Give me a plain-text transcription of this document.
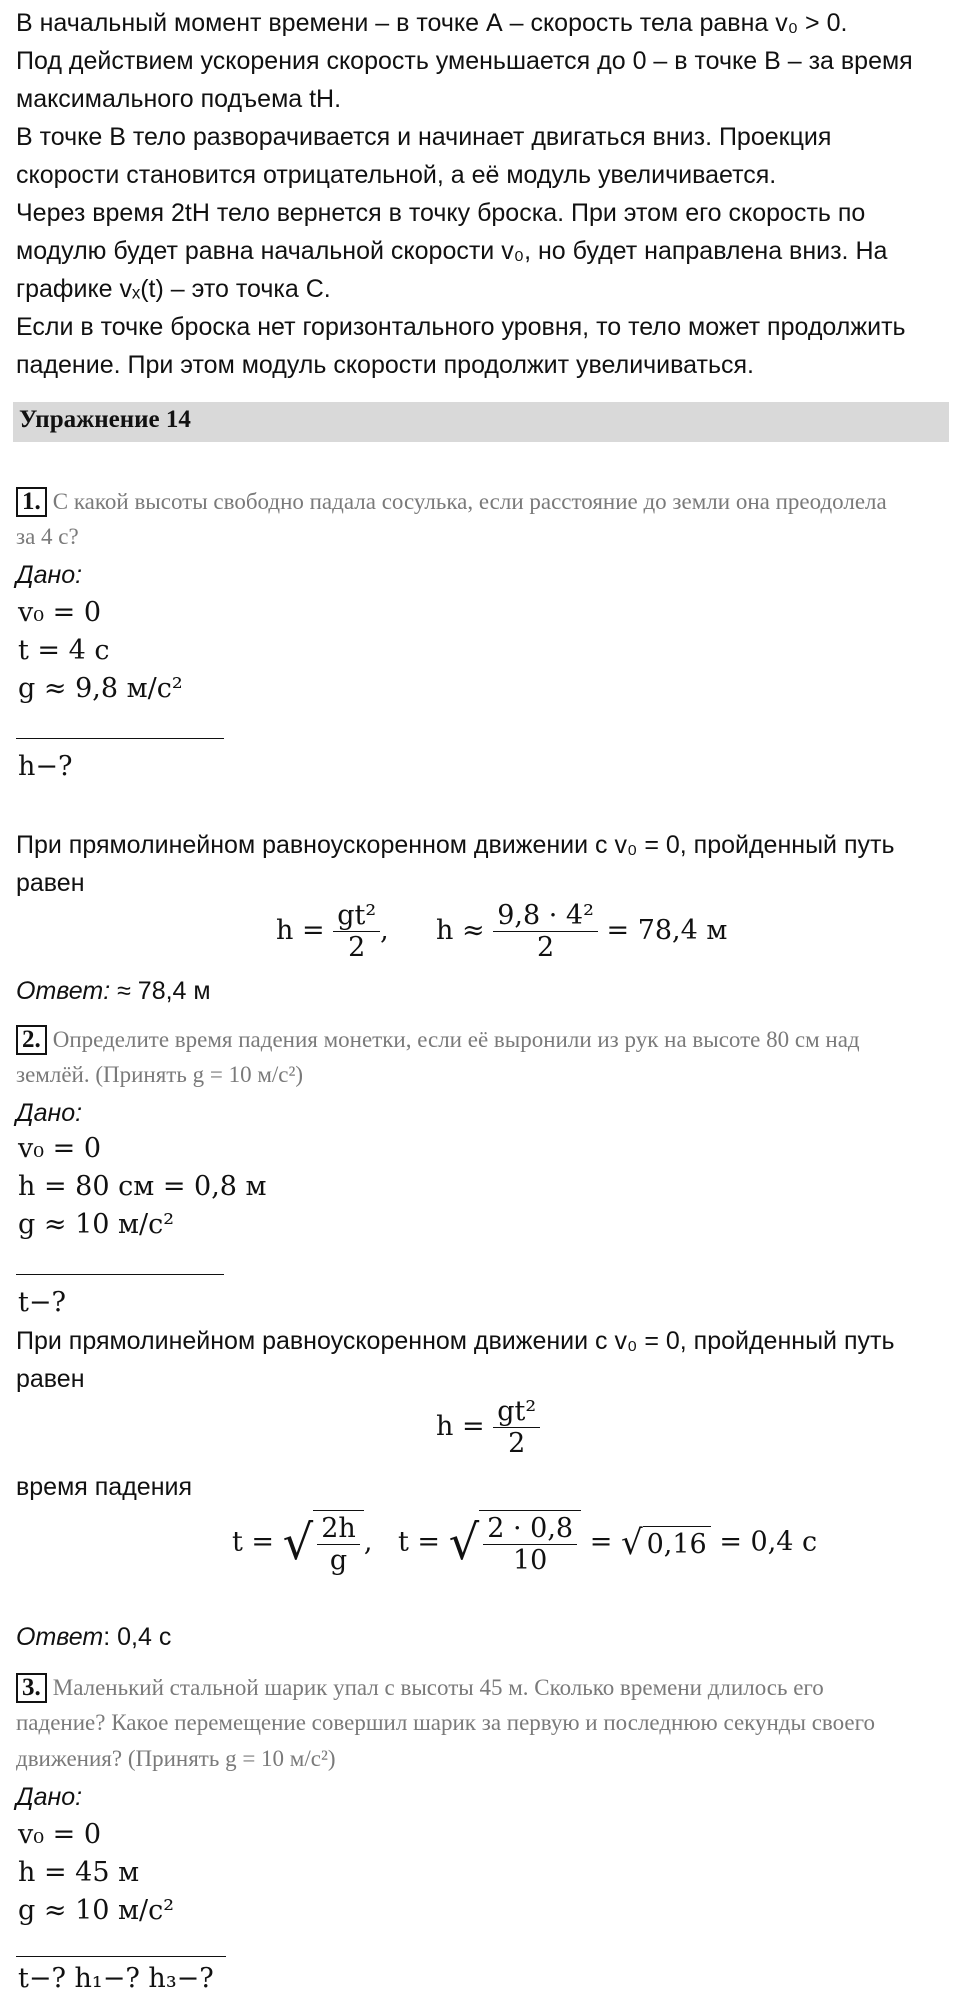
В начальный момент времени – в точке А – скорость тела равна v₀ > 0.

Под действием ускорения скорость уменьшается до 0 – в точке В – за время

максимального подъема tН.

В точке В тело разворачивается и начинает двигаться вниз. Проекция

скорости становится отрицательной, а её модуль увеличивается.

Через время 2tН тело вернется в точку броска. При этом его скорость по

модулю будет равна начальной скорости v₀, но будет направлена вниз. На

графике vₓ(t) – это точка С.

Если в точке броска нет горизонтального уровня, то тело может продолжить

падение. При этом модуль скорости продолжит увеличиваться.

Упражнение 14

1. С какой высоты свободно падала сосулька, если расстояние до земли она преодолела

за 4 с?

Дано:

v₀ = 0

t = 4 с

g ≈ 9,8 м/с²

h−?

При прямолинейном равноускоренном движении с v₀ = 0, пройденный путь

равен

$h = \frac{\text{gt²}}{2}$ , $h \approx \frac{\text{9,8 · 4²}}{2} = 78,4$ м

Ответ: ≈ 78,4 м

2. Определите время падения монетки, если её выронили из рук на высоте 80 см над

землёй. (Принять g = 10 м/с²)

Дано:

v₀ = 0

h = 80 см = 0,8 м

g ≈ 10 м/с²

t−?

При прямолинейном равноускоренном движении с v₀ = 0, пройденный путь

равен

$h = \frac{\text{gt²}}{2}$

время падения

t = √ $\frac{2h}{g}$ , t = √ $\frac{2 \cdot 0,8}{10}$ = √ 0,16 = 0,4 с

Ответ: 0,4 с

3. Маленький стальной шарик упал с высоты 45 м. Сколько времени длилось его

падение? Какое перемещение совершил шарик за первую и последнюю секунды своего

движения? (Принять g = 10 м/с²)

Дано:

v₀ = 0

h = 45 м

g ≈ 10 м/с²

t−? h₁−? h₃−?
